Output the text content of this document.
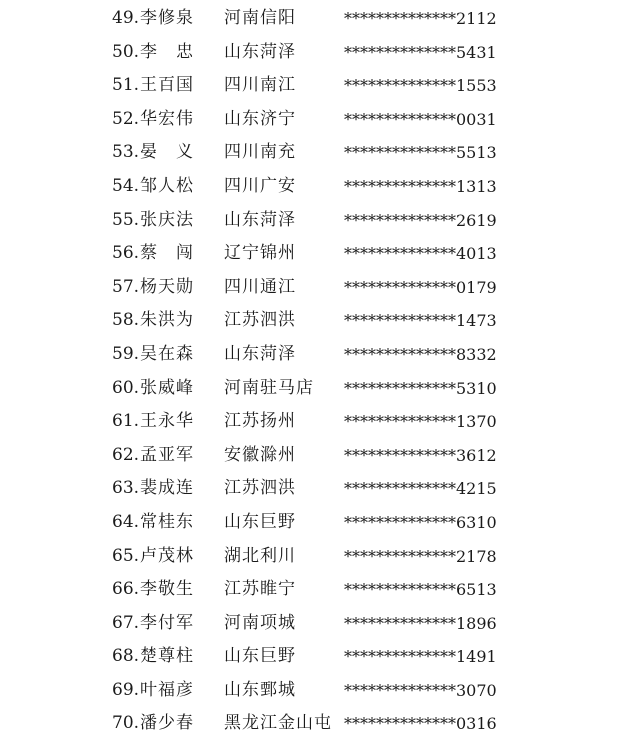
49. 李修泉 河南信阳	**************2112
50. 李　忠 山东菏泽	**************5431
51. 王百国 四川南江	**************1553
52. 华宏伟 山东济宁	**************0031
53. 晏　义 四川南充	**************5513
54. 邹人松 四川广安	**************1313
55. 张庆法 山东菏泽	**************2619
56. 蔡　闯 辽宁锦州	**************4013
57. 杨天勋 四川通江	**************0179
58. 朱洪为 江苏泗洪	**************1473
59. 吴在森 山东菏泽	**************8332
60. 张威峰 河南驻马店 **************5310
61. 王永华 江苏扬州	**************1370
62. 孟亚军 安徽滁州	**************3612
63. 裴成连 江苏泗洪	**************4215
64. 常桂东 山东巨野	**************6310
65. 卢茂林 湖北利川	**************2178
66. 李敬生 江苏睢宁	**************6513
67. 李付军 河南项城	**************1896
68. 楚尊柱 山东巨野	**************1491
69. 叶福彦 山东鄄城	**************3070
70. 潘少春 黑龙江金山屯 **************0316
